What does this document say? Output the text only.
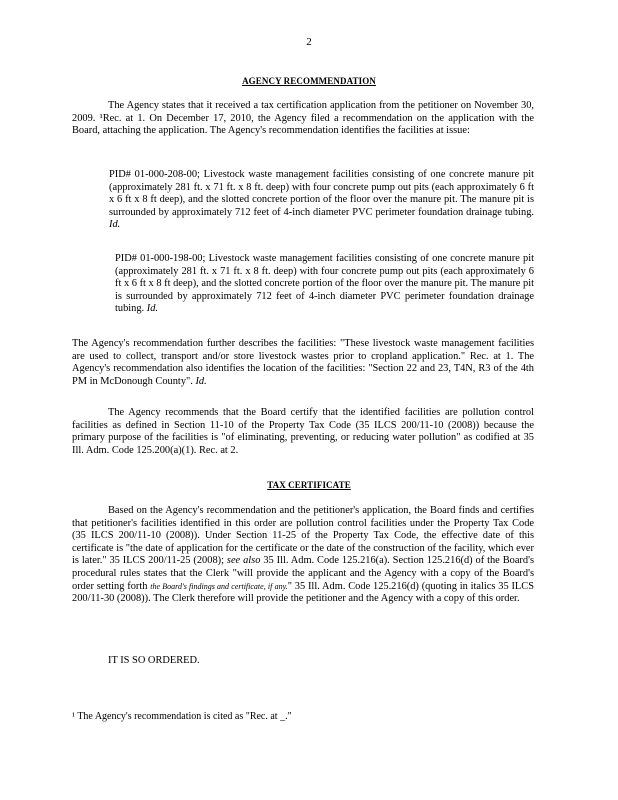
2
AGENCY RECOMMENDATION
The Agency states that it received a tax certification application from the petitioner on November 30, 2009. ¹Rec. at 1. On December 17, 2010, the Agency filed a recommendation on the application with the Board, attaching the application. The Agency's recommendation identifies the facilities at issue:
PID# 01-000-208-00; Livestock waste management facilities consisting of one concrete manure pit (approximately 281 ft. x 71 ft. x 8 ft. deep) with four concrete pump out pits (each approximately 6 ft x 6 ft x 8 ft deep), and the slotted concrete portion of the floor over the manure pit. The manure pit is surrounded by approximately 712 feet of 4-inch diameter PVC perimeter foundation drainage tubing. Id.
PID# 01-000-198-00; Livestock waste management facilities consisting of one concrete manure pit (approximately 281 ft. x 71 ft. x 8 ft. deep) with four concrete pump out pits (each approximately 6 ft x 6 ft x 8 ft deep), and the slotted concrete portion of the floor over the manure pit. The manure pit is surrounded by approximately 712 feet of 4-inch diameter PVC perimeter foundation drainage tubing. Id.
The Agency's recommendation further describes the facilities: "These livestock waste management facilities are used to collect, transport and/or store livestock wastes prior to cropland application." Rec. at 1. The Agency's recommendation also identifies the location of the facilities: "Section 22 and 23, T4N, R3 of the 4th PM in McDonough County". Id.
The Agency recommends that the Board certify that the identified facilities are pollution control facilities as defined in Section 11-10 of the Property Tax Code (35 ILCS 200/11-10 (2008)) because the primary purpose of the facilities is "of eliminating, preventing, or reducing water pollution" as codified at 35 Ill. Adm. Code 125.200(a)(1). Rec. at 2.
TAX CERTIFICATE
Based on the Agency's recommendation and the petitioner's application, the Board finds and certifies that petitioner's facilities identified in this order are pollution control facilities under the Property Tax Code (35 ILCS 200/11-10 (2008)). Under Section 11-25 of the Property Tax Code, the effective date of this certificate is "the date of application for the certificate or the date of the construction of the facility, which ever is later." 35 ILCS 200/11-25 (2008); see also 35 Ill. Adm. Code 125.216(a). Section 125.216(d) of the Board's procedural rules states that the Clerk "will provide the applicant and the Agency with a copy of the Board's order setting forth the Board's findings and certificate, if any." 35 Ill. Adm. Code 125.216(d) (quoting in italics 35 ILCS 200/11-30 (2008)). The Clerk therefore will provide the petitioner and the Agency with a copy of this order.
IT IS SO ORDERED.
¹ The Agency's recommendation is cited as "Rec. at _."
